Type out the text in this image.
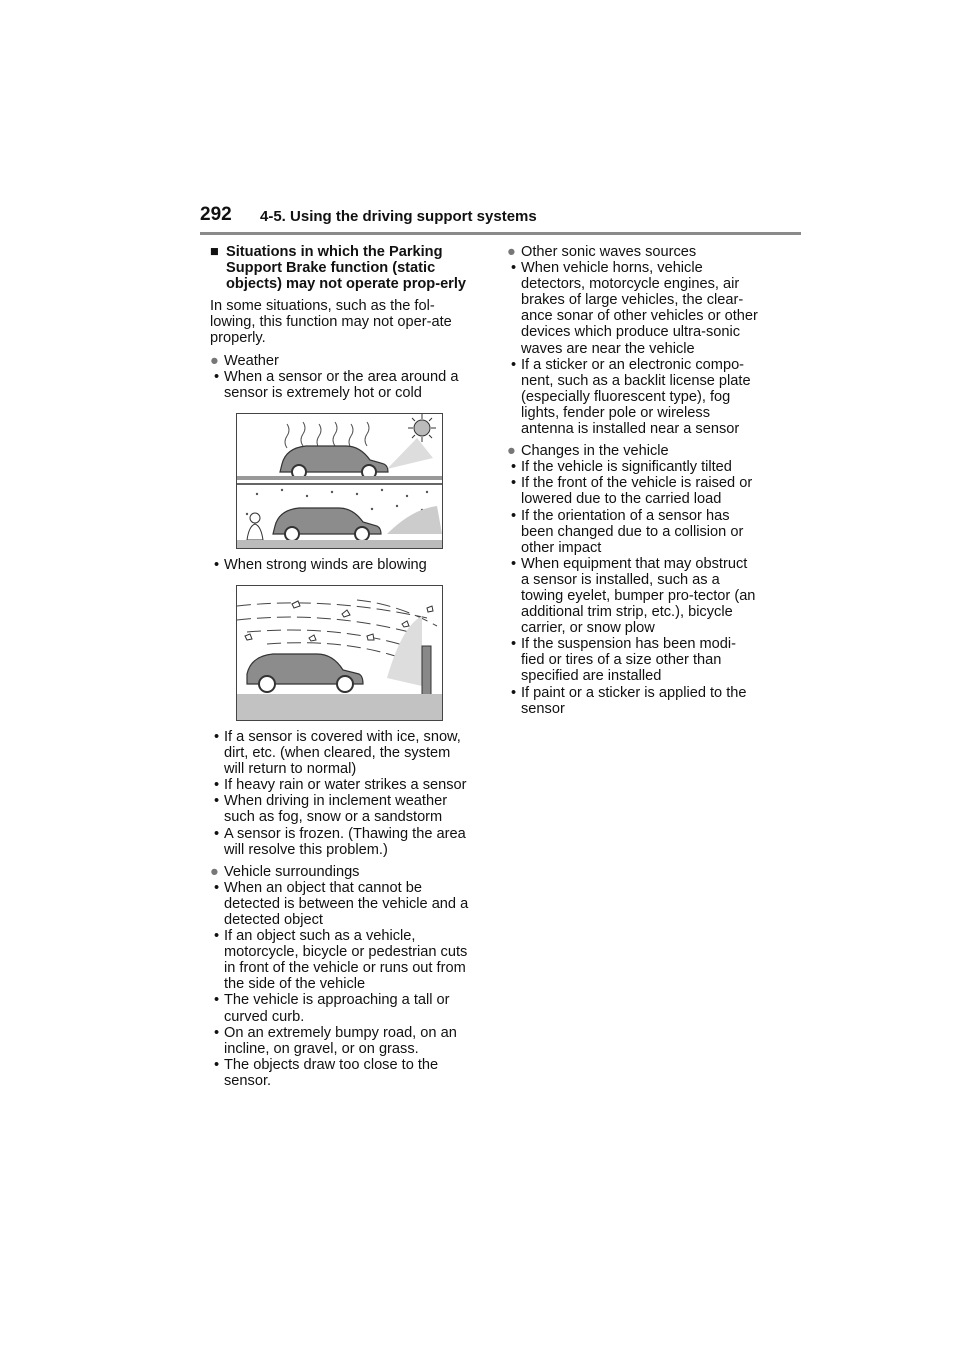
292 4-5. Using the driving support systems
■ Situations in which the Parking Support Brake function (static objects) may not operate prop-erly

In some situations, such as the fol-lowing, this function may not oper-ate properly.

● Weather
• When a sensor or the area around a sensor is extremely hot or cold
• When strong winds are blowing
• If a sensor is covered with ice, snow, dirt, etc. (when cleared, the system will return to normal)
• If heavy rain or water strikes a sensor
• When driving in inclement weather such as fog, snow or a sandstorm
• A sensor is frozen. (Thawing the area will resolve this problem.)
● Vehicle surroundings
• When an object that cannot be detected is between the vehicle and a detected object
• If an object such as a vehicle, motorcycle, bicycle or pedestrian cuts in front of the vehicle or runs out from the side of the vehicle
• The vehicle is approaching a tall or curved curb.
• On an extremely bumpy road, on an incline, on gravel, or on grass.
• The objects draw too close to the sensor.
● Other sonic waves sources
• When vehicle horns, vehicle detectors, motorcycle engines, air brakes of large vehicles, the clear-ance sonar of other vehicles or other devices which produce ultra-sonic waves are near the vehicle
• If a sticker or an electronic compo-nent, such as a backlit license plate (especially fluorescent type), fog lights, fender pole or wireless antenna is installed near a sensor
● Changes in the vehicle
• If the vehicle is significantly tilted
• If the front of the vehicle is raised or lowered due to the carried load
• If the orientation of a sensor has been changed due to a collision or other impact
• When equipment that may obstruct a sensor is installed, such as a towing eyelet, bumper pro-tector (an additional trim strip, etc.), bicycle carrier, or snow plow
• If the suspension has been modi-fied or tires of a size other than specified are installed
• If paint or a sticker is applied to the sensor
